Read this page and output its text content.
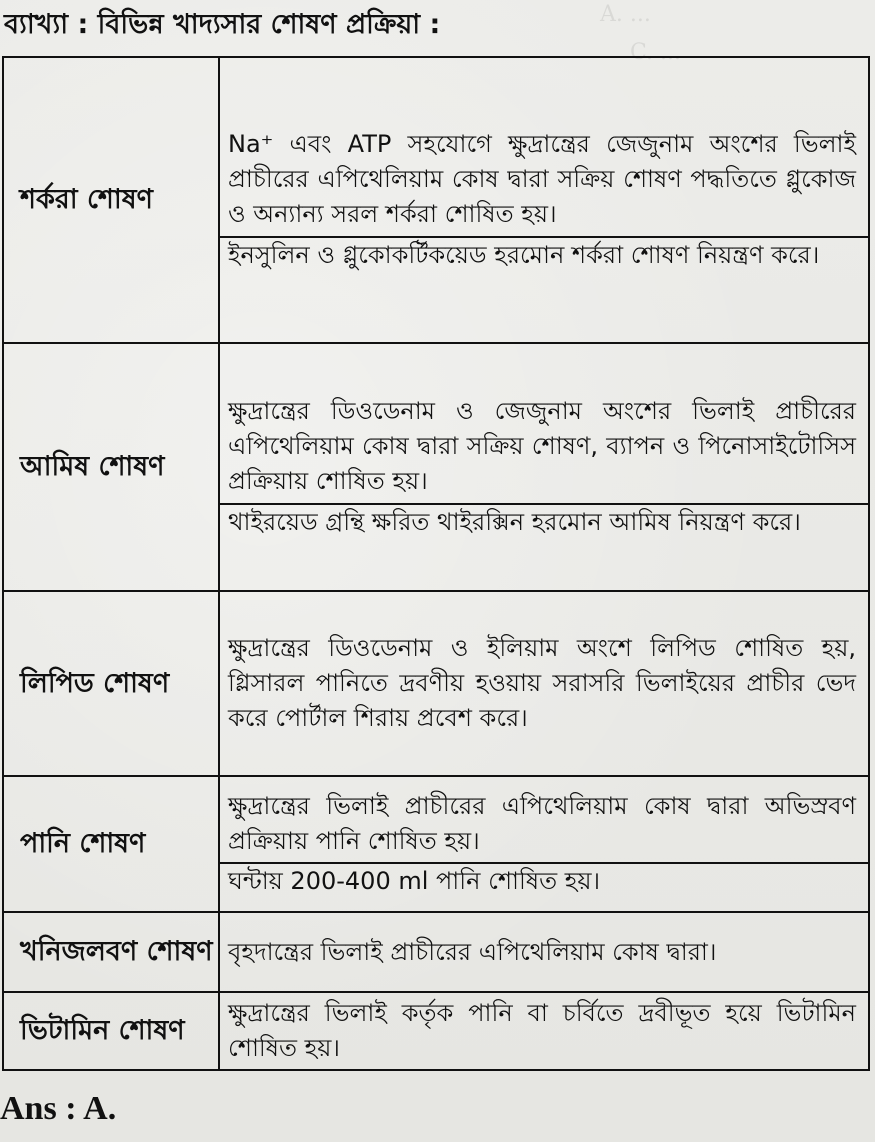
A. ...
C. ...
ব্যাখ্যা : বিভিন্ন খাদ্যসার শোষণ প্রক্রিয়া :
শর্করা শোষণ	Na⁺ এবং ATP সহযোগে ক্ষুদ্রান্ত্রের জেজুনাম অংশের ভিলাই প্রাচীরের এপিথেলিয়াম কোষ দ্বারা সক্রিয় শোষণ পদ্ধতিতে গ্লুকোজ ও অন্যান্য সরল শর্করা শোষিত হয়।
ইনসুলিন ও গ্লুকোকর্টিকয়েড হরমোন শর্করা শোষণ নিয়ন্ত্রণ করে।

আমিষ শোষণ	ক্ষুদ্রান্ত্রের ডিওডেনাম ও জেজুনাম অংশের ভিলাই প্রাচীরের এপিথেলিয়াম কোষ দ্বারা সক্রিয় শোষণ, ব্যাপন ও পিনোসাইটোসিস প্রক্রিয়ায় শোষিত হয়।
থাইরয়েড গ্রন্থি ক্ষরিত থাইরক্সিন হরমোন আমিষ নিয়ন্ত্রণ করে।

লিপিড শোষণ	ক্ষুদ্রান্ত্রের ডিওডেনাম ও ইলিয়াম অংশে লিপিড শোষিত হয়, গ্লিসারল পানিতে দ্রবণীয় হওয়ায় সরাসরি ভিলাইয়ের প্রাচীর ভেদ করে পোর্টাল শিরায় প্রবেশ করে।

পানি শোষণ	ক্ষুদ্রান্ত্রের ভিলাই প্রাচীরের এপিথেলিয়াম কোষ দ্বারা অভিস্রবণ প্রক্রিয়ায় পানি শোষিত হয়।
ঘন্টায় 200-400 ml পানি শোষিত হয়।

খনিজলবণ শোষণ	বৃহদান্ত্রের ভিলাই প্রাচীরের এপিথেলিয়াম কোষ দ্বারা।

ভিটামিন শোষণ	ক্ষুদ্রান্ত্রের ভিলাই কর্তৃক পানি বা চর্বিতে দ্রবীভূত হয়ে ভিটামিন শোষিত হয়।
Ans : A.
